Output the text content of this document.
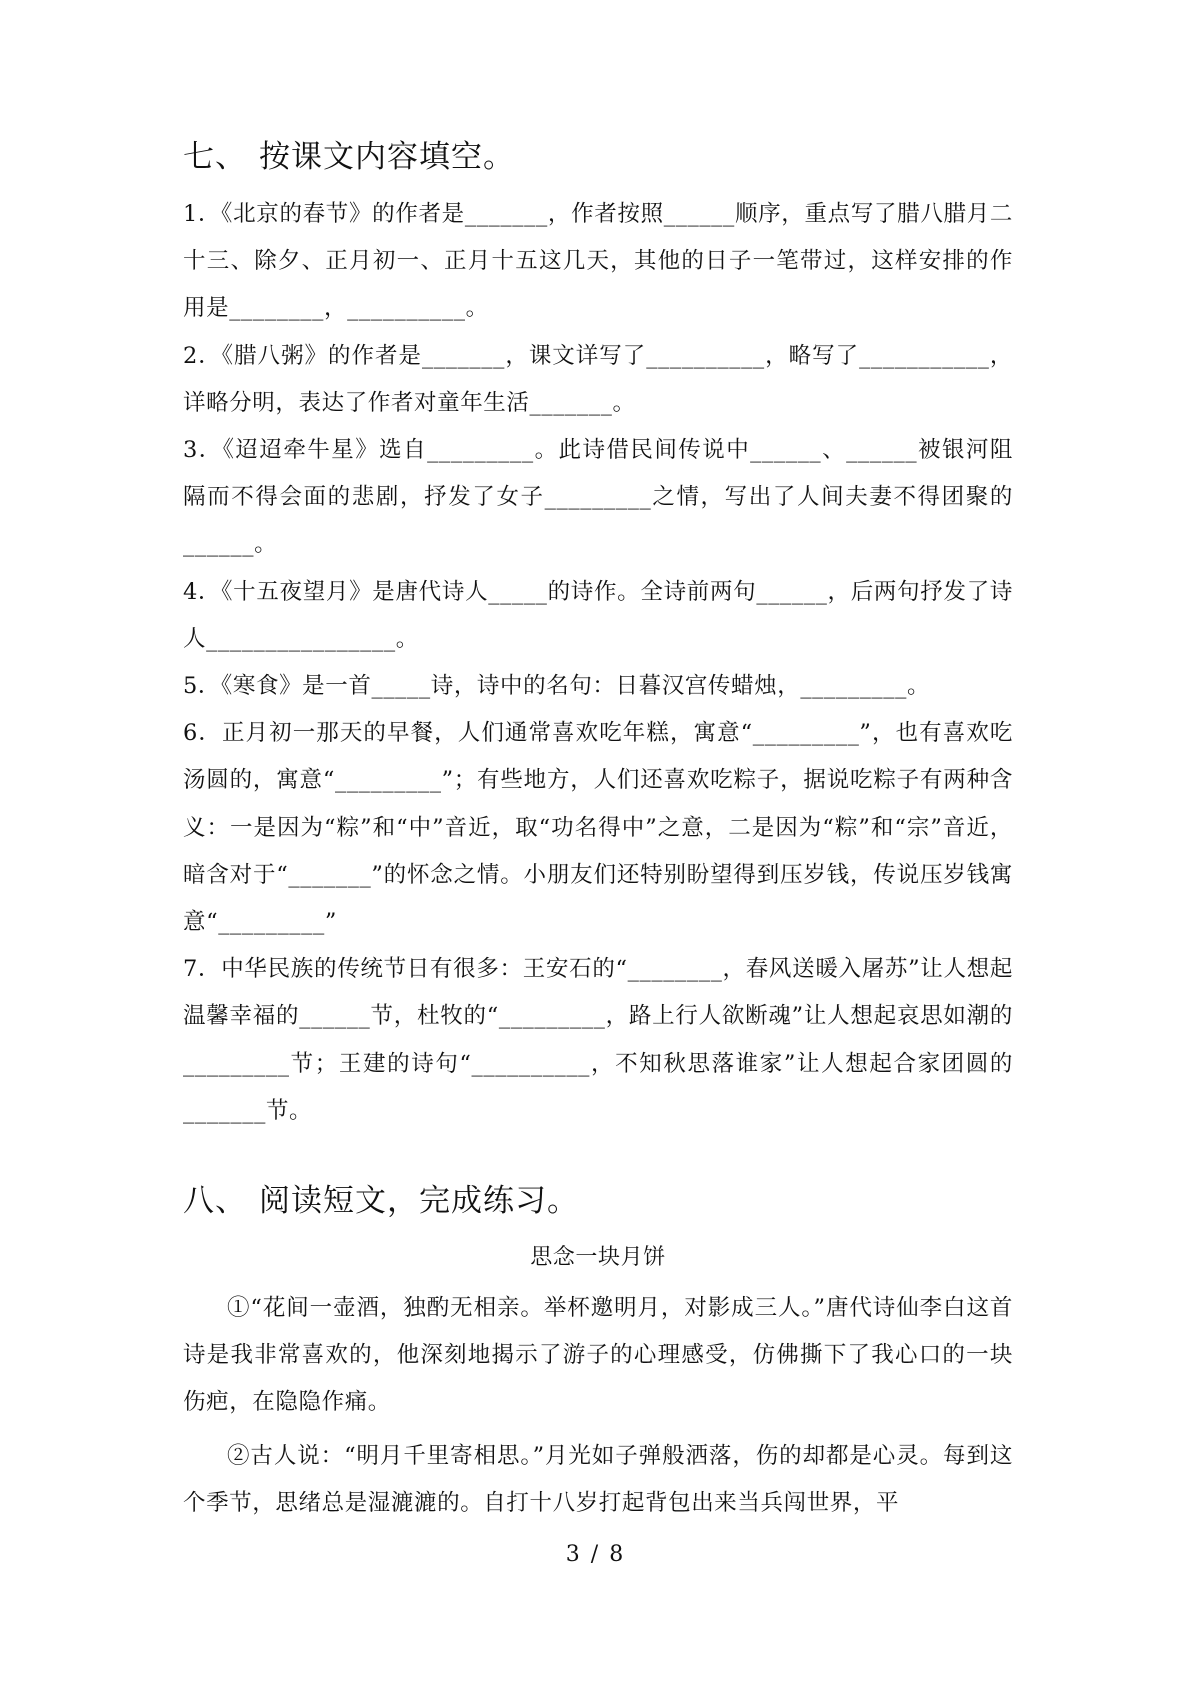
七、 按课文内容填空。

1．《北京的春节》的作者是_______，作者按照______顺序，重点写了腊八腊月二十三、除夕、正月初一、正月十五这几天，其他的日子一笔带过，这样安排的作用是________，__________。

2．《腊八粥》的作者是_______，课文详写了__________，略写了___________，详略分明，表达了作者对童年生活_______。

3．《迢迢牵牛星》选自_________。此诗借民间传说中______、______被银河阻隔而不得会面的悲剧，抒发了女子_________之情，写出了人间夫妻不得团聚的______。

4．《十五夜望月》是唐代诗人_____的诗作。全诗前两句______，后两句抒发了诗人________________。

5．《寒食》是一首_____诗，诗中的名句：日暮汉宫传蜡烛，_________。

6．正月初一那天的早餐，人们通常喜欢吃年糕，寓意“_________”，也有喜欢吃汤圆的，寓意“_________”；有些地方，人们还喜欢吃粽子，据说吃粽子有两种含义：一是因为“粽”和“中”音近，取“功名得中”之意，二是因为“粽”和“宗”音近，暗含对于“_______”的怀念之情。小朋友们还特别盼望得到压岁钱，传说压岁钱寓意“_________”

7．中华民族的传统节日有很多：王安石的“________，春风送暖入屠苏”让人想起温馨幸福的______节，杜牧的“_________，路上行人欲断魂”让人想起哀思如潮的_________节；王建的诗句“__________，不知秋思落谁家”让人想起合家团圆的_______节。

八、 阅读短文，完成练习。
思念一块月饼

①“花间一壶酒，独酌无相亲。举杯邀明月，对影成三人。”唐代诗仙李白这首诗是我非常喜欢的，他深刻地揭示了游子的心理感受，仿佛撕下了我心口的一块伤疤，在隐隐作痛。

②古人说：“明月千里寄相思。”月光如子弹般洒落，伤的却都是心灵。每到这个季节，思绪总是湿漉漉的。自打十八岁打起背包出来当兵闯世界，平

3 / 8
